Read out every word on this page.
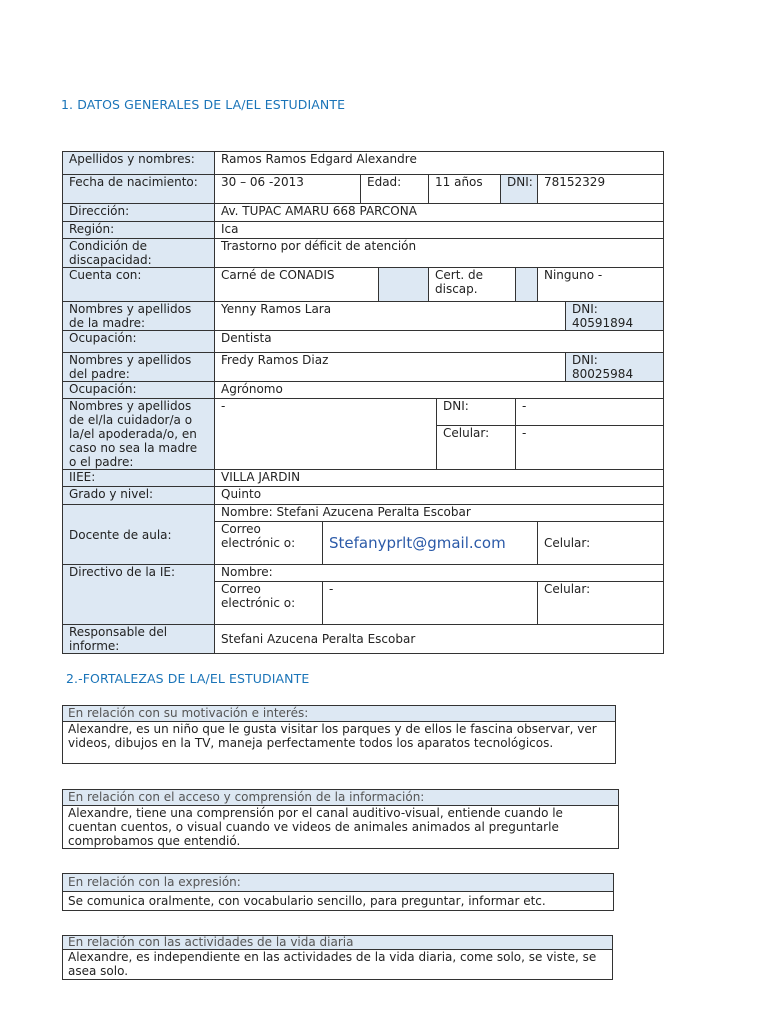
1. DATOS GENERALES DE LA/EL ESTUDIANTE
Apellidos y nombres:	Ramos Ramos Edgard Alexandre										
Fecha de nacimiento:	30 – 06 -2013		Edad:		11 años		DNI:		78152329		
Dirección:	Av. TUPAC AMARU 668 PARCONA										
Región:	Ica										
Condición de discapacidad:	Trastorno por déficit de atención										
Cuenta con:	Carné de CONADIS				Cert. de discap.				Ninguno -		
Nombres y apellidos de la madre:	Yenny Ramos Lara									DNI: 40591894	
Ocupación:	Dentista										
Nombres y apellidos del padre:	Fredy Ramos Diaz									DNI: 80025984	
Ocupación:	Agrónomo										
Nombres y apellidos de el/la cuidador/a o la/el apoderada/o, en caso no sea la madre o el padre:	-					DNI:		-			
						Celular:		-			
IIEE:	VILLA JARDIN										
Grado y nivel:	Quinto										
Docente de aula:	Nombre: Stefani Azucena Peralta Escobar										
	Correo electrónic o:	Stefanyprlt@gmail.com							Celular:	
Directivo de la IE:	Nombre:										
	Correo electrónic o:	-							Celular:	
Responsable del informe:	Stefani Azucena Peralta Escobar										
2.-FORTALEZAS DE LA/EL ESTUDIANTE
En relación con su motivación e interés:
Alexandre, es un niño que le gusta visitar los parques y de ellos le fascina observar, ver videos, dibujos en la TV, maneja perfectamente todos los aparatos tecnológicos.
En relación con el acceso y comprensión de la información:
Alexandre, tiene una comprensión por el canal auditivo-visual, entiende cuando le cuentan cuentos, o visual cuando ve videos de animales animados al preguntarle comprobamos que entendió.
En relación con la expresión:
Se comunica oralmente, con vocabulario sencillo, para preguntar, informar etc.
En relación con las actividades de la vida diaria
Alexandre, es independiente en las actividades de la vida diaria, come solo, se viste, se asea solo.
